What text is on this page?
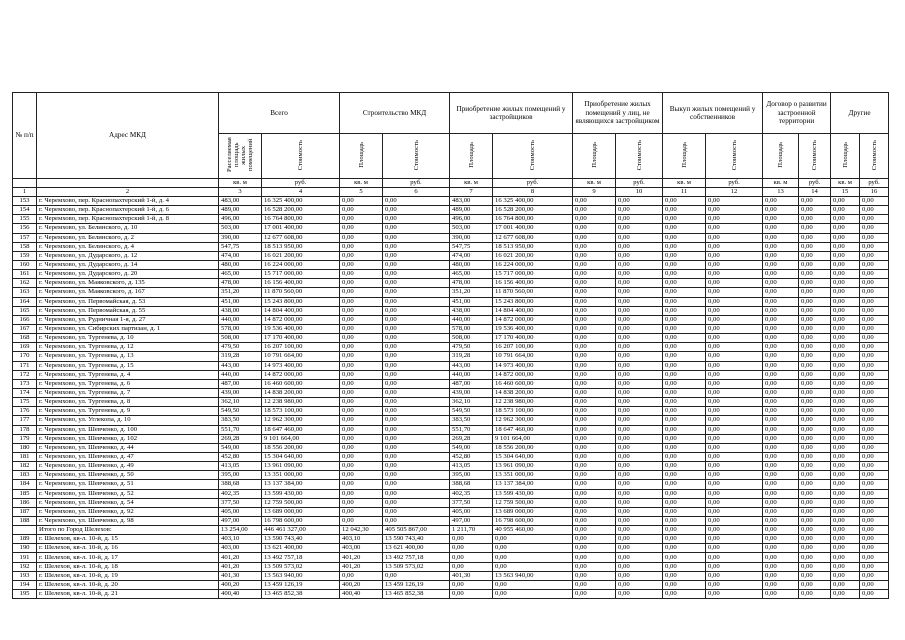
№ п/п	Адрес МКД	Всего		Строительство МКД		Приобретение жилых помещений у застройщиков		Приобретение жилых помещений у лиц, не являющихся застройщиком		Выкуп жилых помещений у собственников		Договор о развитии застроенной территории		Другие	
		Расселяемая площадь жилых помещений	Стоимость	Площадь	Стоимость	Площадь	Стоимость	Площадь	Стоимость	Площадь	Стоимость	Площадь	Стоимость	Площадь	Стоимость
		кв. м	руб.	кв. м	руб.	кв. м	руб.	кв. м	руб.	кв. м	руб.	кв. м	руб.	кв. м	руб.
1	2	3	4	5	6	7	8	9	10	11	12	13	14	15	16
153	г. Черемхово, пер. Краснопахтерский 1-й, д. 4	483,00	16 325 400,00	0,00	0,00	483,00	16 325 400,00	0,00	0,00	0,00	0,00	0,00	0,00	0,00	0,00
154	г. Черемхово, пер. Краснопахтерский 1-й, д. 6	489,00	16 528 200,00	0,00	0,00	489,00	16 528 200,00	0,00	0,00	0,00	0,00	0,00	0,00	0,00	0,00
155	г. Черемхово, пер. Краснопахтерский 1-й, д. 8	496,00	16 764 800,00	0,00	0,00	496,00	16 764 800,00	0,00	0,00	0,00	0,00	0,00	0,00	0,00	0,00
156	г. Черемхово, ул. Белинского, д. 10	503,00	17 001 400,00	0,00	0,00	503,00	17 001 400,00	0,00	0,00	0,00	0,00	0,00	0,00	0,00	0,00
157	г. Черемхово, ул. Белинского, д. 2	390,00	12 677 608,00	0,00	0,00	390,00	12 677 608,00	0,00	0,00	0,00	0,00	0,00	0,00	0,00	0,00
158	г. Черемхово, ул. Белинского, д. 4	547,75	18 513 950,00	0,00	0,00	547,75	18 513 950,00	0,00	0,00	0,00	0,00	0,00	0,00	0,00	0,00
159	г. Черемхово, ул. Дударского, д. 12	474,00	16 021 200,00	0,00	0,00	474,00	16 021 200,00	0,00	0,00	0,00	0,00	0,00	0,00	0,00	0,00
160	г. Черемхово, ул. Дударского, д. 14	480,00	16 224 000,00	0,00	0,00	480,00	16 224 000,00	0,00	0,00	0,00	0,00	0,00	0,00	0,00	0,00
161	г. Черемхово, ул. Дударского, д. 20	465,00	15 717 000,00	0,00	0,00	465,00	15 717 000,00	0,00	0,00	0,00	0,00	0,00	0,00	0,00	0,00
162	г. Черемхово, ул. Маяковского, д. 135	478,00	16 156 400,00	0,00	0,00	478,00	16 156 400,00	0,00	0,00	0,00	0,00	0,00	0,00	0,00	0,00
163	г. Черемхово, ул. Маяковского, д. 167	351,20	11 870 560,00	0,00	0,00	351,20	11 870 560,00	0,00	0,00	0,00	0,00	0,00	0,00	0,00	0,00
164	г. Черемхово, ул. Первомайская, д. 53	451,00	15 243 800,00	0,00	0,00	451,00	15 243 800,00	0,00	0,00	0,00	0,00	0,00	0,00	0,00	0,00
165	г. Черемхово, ул. Первомайская, д. 55	438,00	14 804 400,00	0,00	0,00	438,00	14 804 400,00	0,00	0,00	0,00	0,00	0,00	0,00	0,00	0,00
166	г. Черемхово, ул. Рудничная 1-я, д. 27	440,00	14 872 000,00	0,00	0,00	440,00	14 872 000,00	0,00	0,00	0,00	0,00	0,00	0,00	0,00	0,00
167	г. Черемхово, ул. Сибирских партизан, д. 1	578,00	19 536 400,00	0,00	0,00	578,00	19 536 400,00	0,00	0,00	0,00	0,00	0,00	0,00	0,00	0,00
168	г. Черемхово, ул. Тургенева, д. 10	508,00	17 170 400,00	0,00	0,00	508,00	17 170 400,00	0,00	0,00	0,00	0,00	0,00	0,00	0,00	0,00
169	г. Черемхово, ул. Тургенева, д. 12	479,50	16 207 100,00	0,00	0,00	479,50	16 207 100,00	0,00	0,00	0,00	0,00	0,00	0,00	0,00	0,00
170	г. Черемхово, ул. Тургенева, д. 13	319,28	10 791 664,00	0,00	0,00	319,28	10 791 664,00	0,00	0,00	0,00	0,00	0,00	0,00	0,00	0,00
171	г. Черемхово, ул. Тургенева, д. 15	443,00	14 973 400,00	0,00	0,00	443,00	14 973 400,00	0,00	0,00	0,00	0,00	0,00	0,00	0,00	0,00
172	г. Черемхово, ул. Тургенева, д. 4	440,00	14 872 000,00	0,00	0,00	440,00	14 872 000,00	0,00	0,00	0,00	0,00	0,00	0,00	0,00	0,00
173	г. Черемхово, ул. Тургенева, д. 6	487,00	16 460 600,00	0,00	0,00	487,00	16 460 600,00	0,00	0,00	0,00	0,00	0,00	0,00	0,00	0,00
174	г. Черемхово, ул. Тургенева, д. 7	439,00	14 838 200,00	0,00	0,00	439,00	14 838 200,00	0,00	0,00	0,00	0,00	0,00	0,00	0,00	0,00
175	г. Черемхово, ул. Тургенева, д. 8	362,10	12 238 980,00	0,00	0,00	362,10	12 238 980,00	0,00	0,00	0,00	0,00	0,00	0,00	0,00	0,00
176	г. Черемхово, ул. Тургенева, д. 9	549,50	18 573 100,00	0,00	0,00	549,50	18 573 100,00	0,00	0,00	0,00	0,00	0,00	0,00	0,00	0,00
177	г. Черемхово, ул. Углекопа, д. 10	383,50	12 962 300,00	0,00	0,00	383,50	12 962 300,00	0,00	0,00	0,00	0,00	0,00	0,00	0,00	0,00
178	г. Черемхово, ул. Шевченко, д. 100	551,70	18 647 460,00	0,00	0,00	551,70	18 647 460,00	0,00	0,00	0,00	0,00	0,00	0,00	0,00	0,00
179	г. Черемхово, ул. Шевченко, д. 102	269,28	9 101 664,00	0,00	0,00	269,28	9 101 664,00	0,00	0,00	0,00	0,00	0,00	0,00	0,00	0,00
180	г. Черемхово, ул. Шевченко, д. 44	549,00	18 556 200,00	0,00	0,00	549,00	18 556 200,00	0,00	0,00	0,00	0,00	0,00	0,00	0,00	0,00
181	г. Черемхово, ул. Шевченко, д. 47	452,80	15 304 640,00	0,00	0,00	452,80	15 304 640,00	0,00	0,00	0,00	0,00	0,00	0,00	0,00	0,00
182	г. Черемхово, ул. Шевченко, д. 49	413,05	13 961 090,00	0,00	0,00	413,05	13 961 090,00	0,00	0,00	0,00	0,00	0,00	0,00	0,00	0,00
183	г. Черемхово, ул. Шевченко, д. 50	395,00	13 351 000,00	0,00	0,00	395,00	13 351 000,00	0,00	0,00	0,00	0,00	0,00	0,00	0,00	0,00
184	г. Черемхово, ул. Шевченко, д. 51	388,68	13 137 384,00	0,00	0,00	388,68	13 137 384,00	0,00	0,00	0,00	0,00	0,00	0,00	0,00	0,00
185	г. Черемхово, ул. Шевченко, д. 52	402,35	13 599 430,00	0,00	0,00	402,35	13 599 430,00	0,00	0,00	0,00	0,00	0,00	0,00	0,00	0,00
186	г. Черемхово, ул. Шевченко, д. 54	377,50	12 759 500,00	0,00	0,00	377,50	12 759 500,00	0,00	0,00	0,00	0,00	0,00	0,00	0,00	0,00
187	г. Черемхово, ул. Шевченко, д. 92	405,00	13 689 000,00	0,00	0,00	405,00	13 689 000,00	0,00	0,00	0,00	0,00	0,00	0,00	0,00	0,00
188	г. Черемхово, ул. Шевченко, д. 98	497,00	16 798 600,00	0,00	0,00	497,00	16 798 600,00	0,00	0,00	0,00	0,00	0,00	0,00	0,00	0,00
	Итого по Город Шелехов:	13 254,00	446 461 327,00	12 042,30	405 505 867,00	1 211,70	40 955 460,00	0,00	0,00	0,00	0,00	0,00	0,00	0,00	0,00
189	г. Шелехов, кв-л. 10-й, д. 15	403,10	13 590 743,40	403,10	13 590 743,40	0,00	0,00	0,00	0,00	0,00	0,00	0,00	0,00	0,00	0,00
190	г. Шелехов, кв-л. 10-й, д. 16	403,00	13 621 400,00	403,00	13 621 400,00	0,00	0,00	0,00	0,00	0,00	0,00	0,00	0,00	0,00	0,00
191	г. Шелехов, кв-л. 10-й, д. 17	401,20	13 492 757,18	401,20	13 492 757,18	0,00	0,00	0,00	0,00	0,00	0,00	0,00	0,00	0,00	0,00
192	г. Шелехов, кв-л. 10-й, д. 18	401,20	13 509 573,02	401,20	13 509 573,02	0,00	0,00	0,00	0,00	0,00	0,00	0,00	0,00	0,00	0,00
193	г. Шелехов, кв-л. 10-й, д. 19	401,30	13 563 940,00	0,00	0,00	401,30	13 563 940,00	0,00	0,00	0,00	0,00	0,00	0,00	0,00	0,00
194	г. Шелехов, кв-л. 10-й, д. 20	400,20	13 459 126,19	400,20	13 459 126,19	0,00	0,00	0,00	0,00	0,00	0,00	0,00	0,00	0,00	0,00
195	г. Шелехов, кв-л. 10-й, д. 21	400,40	13 465 852,38	400,40	13 465 852,38	0,00	0,00	0,00	0,00	0,00	0,00	0,00	0,00	0,00	0,00
